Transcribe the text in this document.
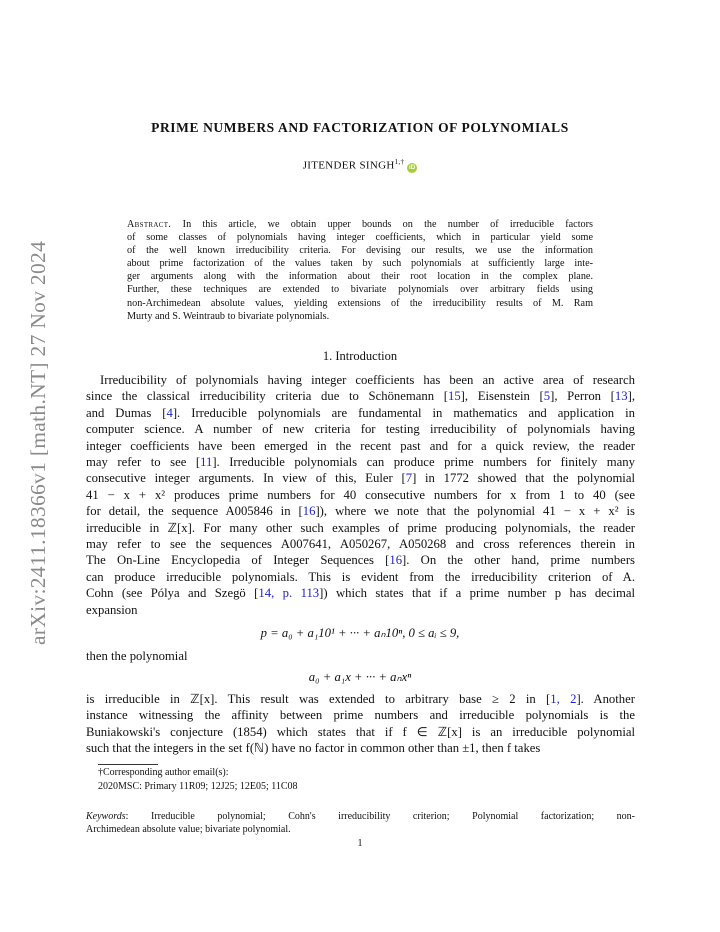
arXiv:2411.18366v1 [math.NT] 27 Nov 2024
PRIME NUMBERS AND FACTORIZATION OF POLYNOMIALS
JITENDER $SINGH^{1,\dagger}iD$
Abstract. In this article, we obtain upper bounds on the number of irreducible factors
of some classes of polynomials having integer coefficients, which in particular yield some
of the well known irreducibility criteria. For devising our results, we use the information
about prime factorization of the values taken by such polynomials at sufficiently large inte-
ger arguments along with the information about their root location in the complex plane.
Further, these techniques are extended to bivariate polynomials over arbitrary fields using
non-Archimedean absolute values, yielding extensions of the irreducibility results of M. Ram
Murty and S. Weintraub to bivariate polynomials.
1. Introduction
Irreducibility of polynomials having integer coefficients has been an active area of research
since the classical irreducibility criteria due to Schönemann [15], Eisenstein [5], Perron [13],
and Dumas [4]. Irreducible polynomials are fundamental in mathematics and application in
computer science. A number of new criteria for testing irreducibility of polynomials having
integer coefficients have been emerged in the recent past and for a quick review, the reader
may refer to see [11]. Irreducible polynomials can produce prime numbers for finitely many
consecutive integer arguments. In view of this, Euler [7] in 1772 showed that the polynomial
41 − x + x² produces prime numbers for 40 consecutive numbers for x from 1 to 40 (see
for detail, the sequence A005846 in [16]), where we note that the polynomial 41 − x + x² is
irreducible in ℤ[x]. For many other such examples of prime producing polynomials, the reader
may refer to see the sequences A007641, A050267, A050268 and cross references therein in
The On-Line Encyclopedia of Integer Sequences [16]. On the other hand, prime numbers
can produce irreducible polynomials. This is evident from the irreducibility criterion of A.
Cohn (see Pólya and Szegö [14, p. 113]) which states that if a prime number p has decimal
expansion
p = a₀ + a₁10¹ + ··· + aₙ10ⁿ, 0 ≤ aᵢ ≤ 9,
then the polynomial
a₀ + a₁x + ··· + aₙxⁿ
is irreducible in ℤ[x]. This result was extended to arbitrary base ≥ 2 in [1, 2]. Another
instance witnessing the affinity between prime numbers and irreducible polynomials is the
Buniakowski's conjecture (1854) which states that if f ∈ ℤ[x] is an irreducible polynomial
such that the integers in the set f(ℕ) have no factor in common other than ±1, then f takes
†Corresponding author email(s):
2020MSC: Primary 11R09; 12J25; 12E05; 11C08
Keywords: Irreducible polynomial; Cohn's irreducibility criterion; Polynomial factorization; non-
Archimedean absolute value; bivariate polynomial.
1
